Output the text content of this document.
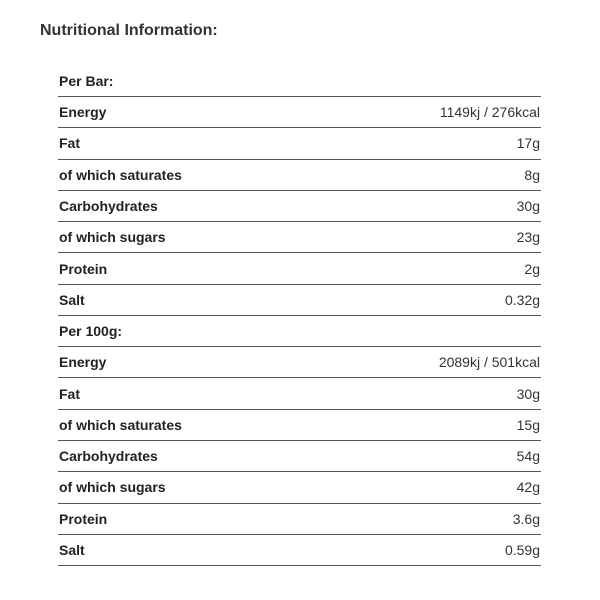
Nutritional Information:
Per Bar:
Energy	1149kj / 276kcal
Fat	17g
of which saturates	8g
Carbohydrates	30g
of which sugars	23g
Protein	2g
Salt	0.32g
Per 100g:
Energy	2089kj / 501kcal
Fat	30g
of which saturates	15g
Carbohydrates	54g
of which sugars	42g
Protein	3.6g
Salt	0.59g
